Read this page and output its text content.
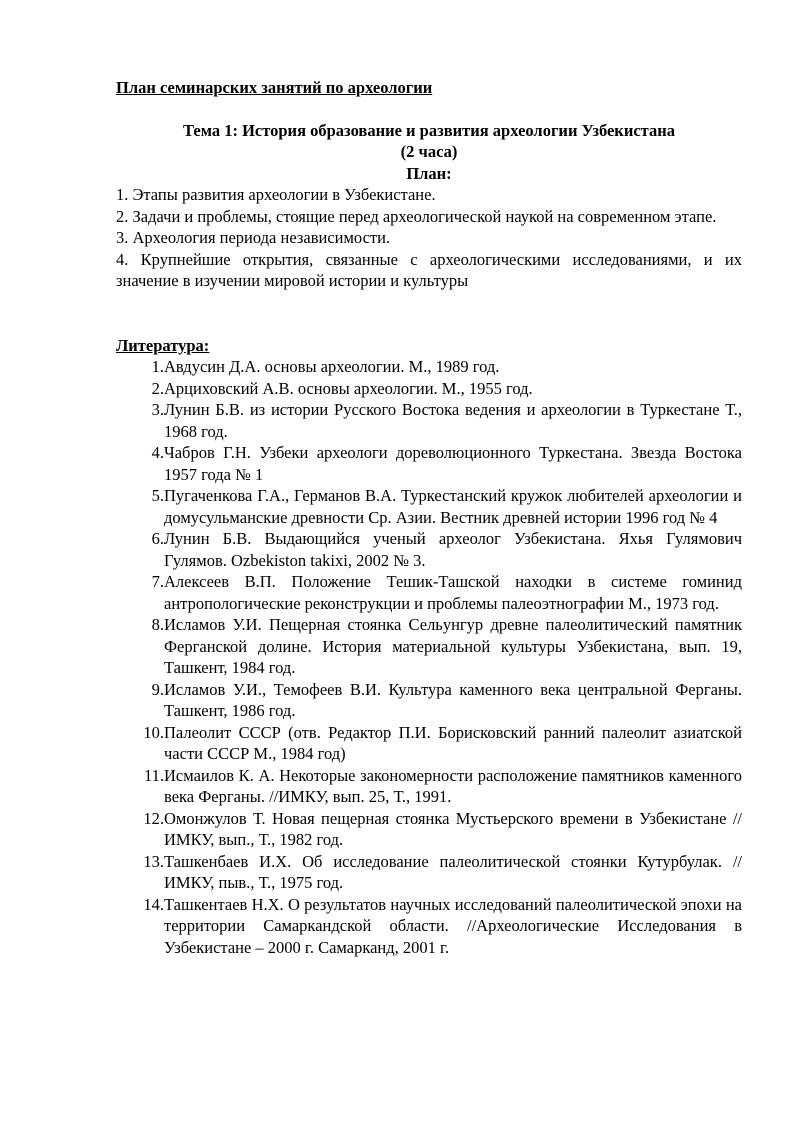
План семинарских занятий по археологии
Тема 1: История образование и развития археологии Узбекистана
(2 часа)
План:
1. Этапы развития археологии в Узбекистане.
2. Задачи и проблемы, стоящие перед археологической наукой на современном этапе.
3. Археология периода независимости.
4. Крупнейшие открытия, связанные с археологическими исследованиями, и их значение в изучении мировой истории и культуры
Литература:
1. Авдусин Д.А. основы археологии. М., 1989 год.
2. Арциховский А.В. основы археологии. М., 1955 год.
3. Лунин Б.В. из истории Русского Востока ведения и археологии в Туркестане Т., 1968 год.
4. Чабров Г.Н. Узбеки археологи дореволюционного Туркестана. Звезда Востока 1957 года № 1
5. Пугаченкова Г.А., Германов В.А. Туркестанский кружок любителей археологии и домусульманские древности Ср. Азии. Вестник древней истории 1996 год № 4
6. Лунин Б.В. Выдающийся ученый археолог Узбекистана. Яхья Гулямович Гулямов. Ozbekiston takixi, 2002 № 3.
7. Алексеев В.П. Положение Тешик-Ташской находки в системе гоминид антропологические реконструкции и проблемы палеоэтнографии М., 1973 год.
8. Исламов У.И. Пещерная стоянка Сельунгур древне палеолитический памятник Ферганской долине. История материальной культуры Узбекистана, вып. 19, Ташкент, 1984 год.
9. Исламов У.И., Темофеев В.И. Культура каменного века центральной Ферганы. Ташкент, 1986 год.
10. Палеолит СССР (отв. Редактор П.И. Борисковский ранний палеолит азиатской части СССР М., 1984 год)
11. Исмаилов К. А. Некоторые закономерности расположение памятников каменного века Ферганы. //ИМКУ, вып. 25, Т., 1991.
12. Омонжулов Т. Новая пещерная стоянка Мустьерского времени в Узбекистане // ИМКУ, вып., Т., 1982 год.
13. Ташкенбаев И.Х. Об исследование палеолитической стоянки Кутурбулак. // ИМКУ, пыв., Т., 1975 год.
14. Ташкентаев Н.Х. О результатов научных исследований палеолитической эпохи на территории Самаркандской области. //Археологические Исследования в Узбекистане – 2000 г. Самарканд, 2001 г.
